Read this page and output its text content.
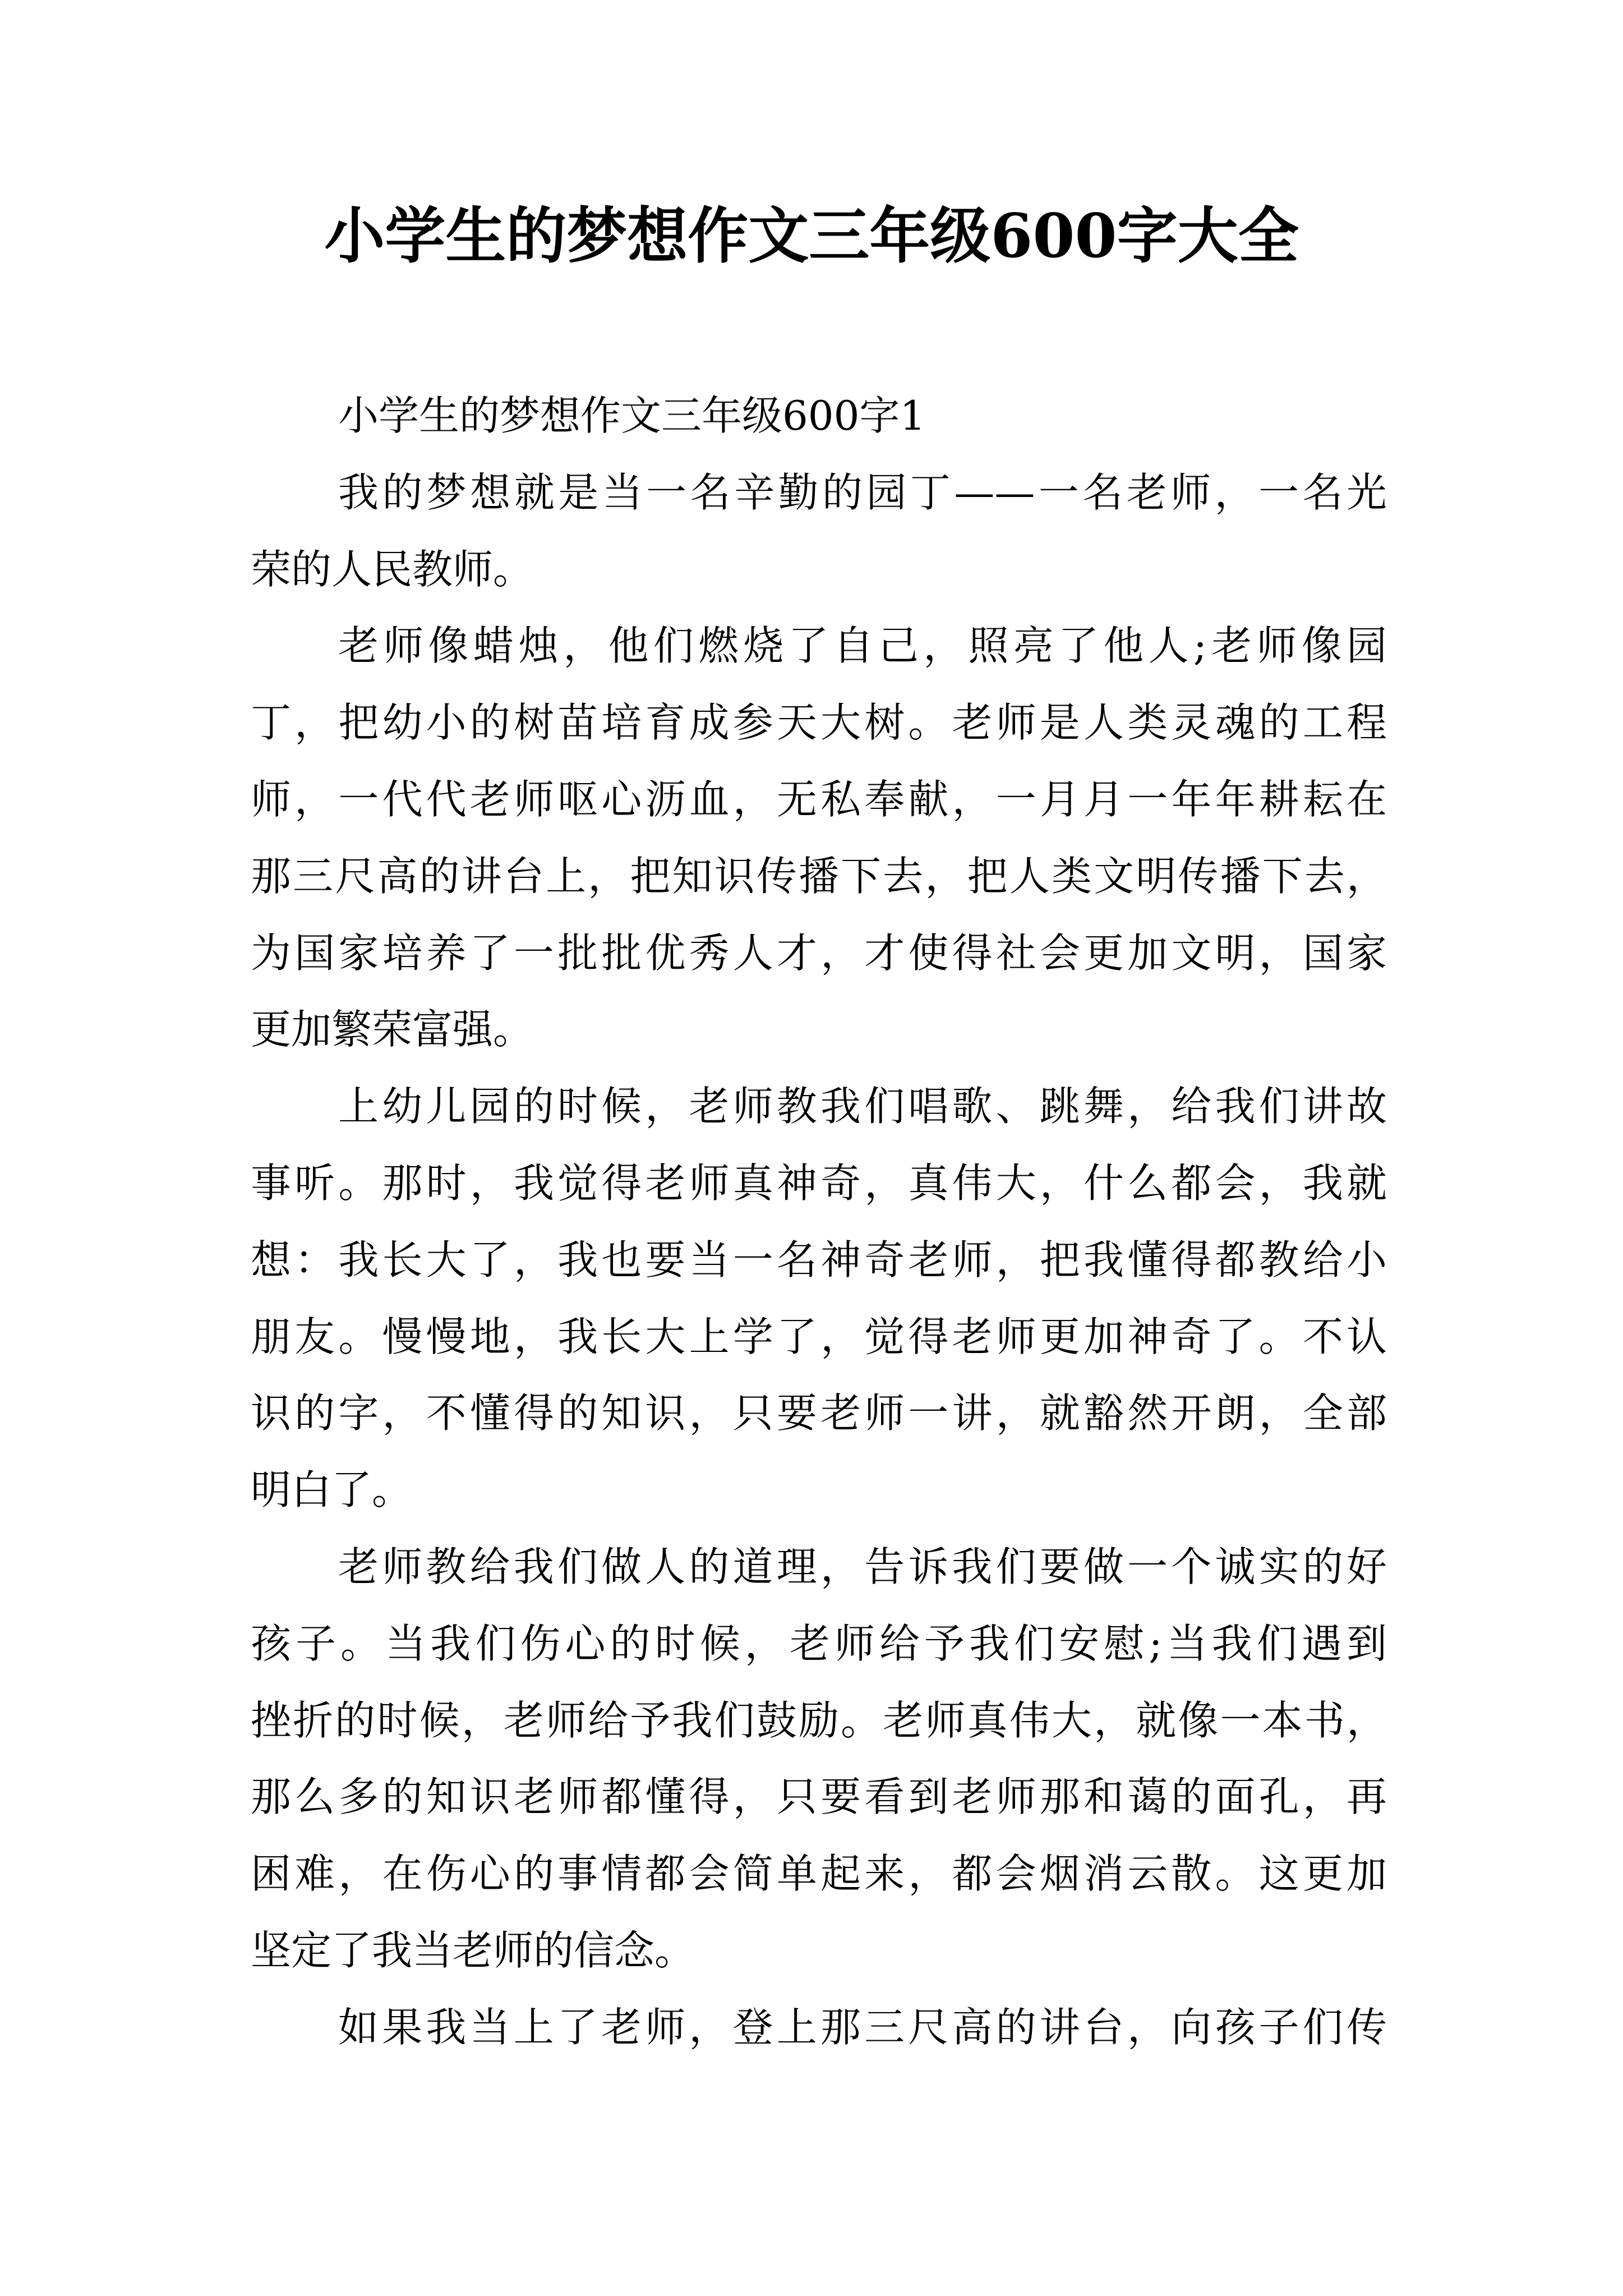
小学生的梦想作文三年级600字大全
小学生的梦想作文三年级600字1
我的梦想就是当一名辛勤的园丁——一名老师，一名光
荣的人民教师。
老师像蜡烛，他们燃烧了自己，照亮了他人;老师像园
丁，把幼小的树苗培育成参天大树。老师是人类灵魂的工程
师，一代代老师呕心沥血，无私奉献，一月月一年年耕耘在
那三尺高的讲台上，把知识传播下去，把人类文明传播下去，
为国家培养了一批批优秀人才，才使得社会更加文明，国家
更加繁荣富强。
上幼儿园的时候，老师教我们唱歌、跳舞，给我们讲故
事听。那时，我觉得老师真神奇，真伟大，什么都会，我就
想：我长大了，我也要当一名神奇老师，把我懂得都教给小
朋友。慢慢地，我长大上学了，觉得老师更加神奇了。不认
识的字，不懂得的知识，只要老师一讲，就豁然开朗，全部
明白了。
老师教给我们做人的道理，告诉我们要做一个诚实的好
孩子。当我们伤心的时候，老师给予我们安慰;当我们遇到
挫折的时候，老师给予我们鼓励。老师真伟大，就像一本书，
那么多的知识老师都懂得，只要看到老师那和蔼的面孔，再
困难，在伤心的事情都会简单起来，都会烟消云散。这更加
坚定了我当老师的信念。
如果我当上了老师，登上那三尺高的讲台，向孩子们传
